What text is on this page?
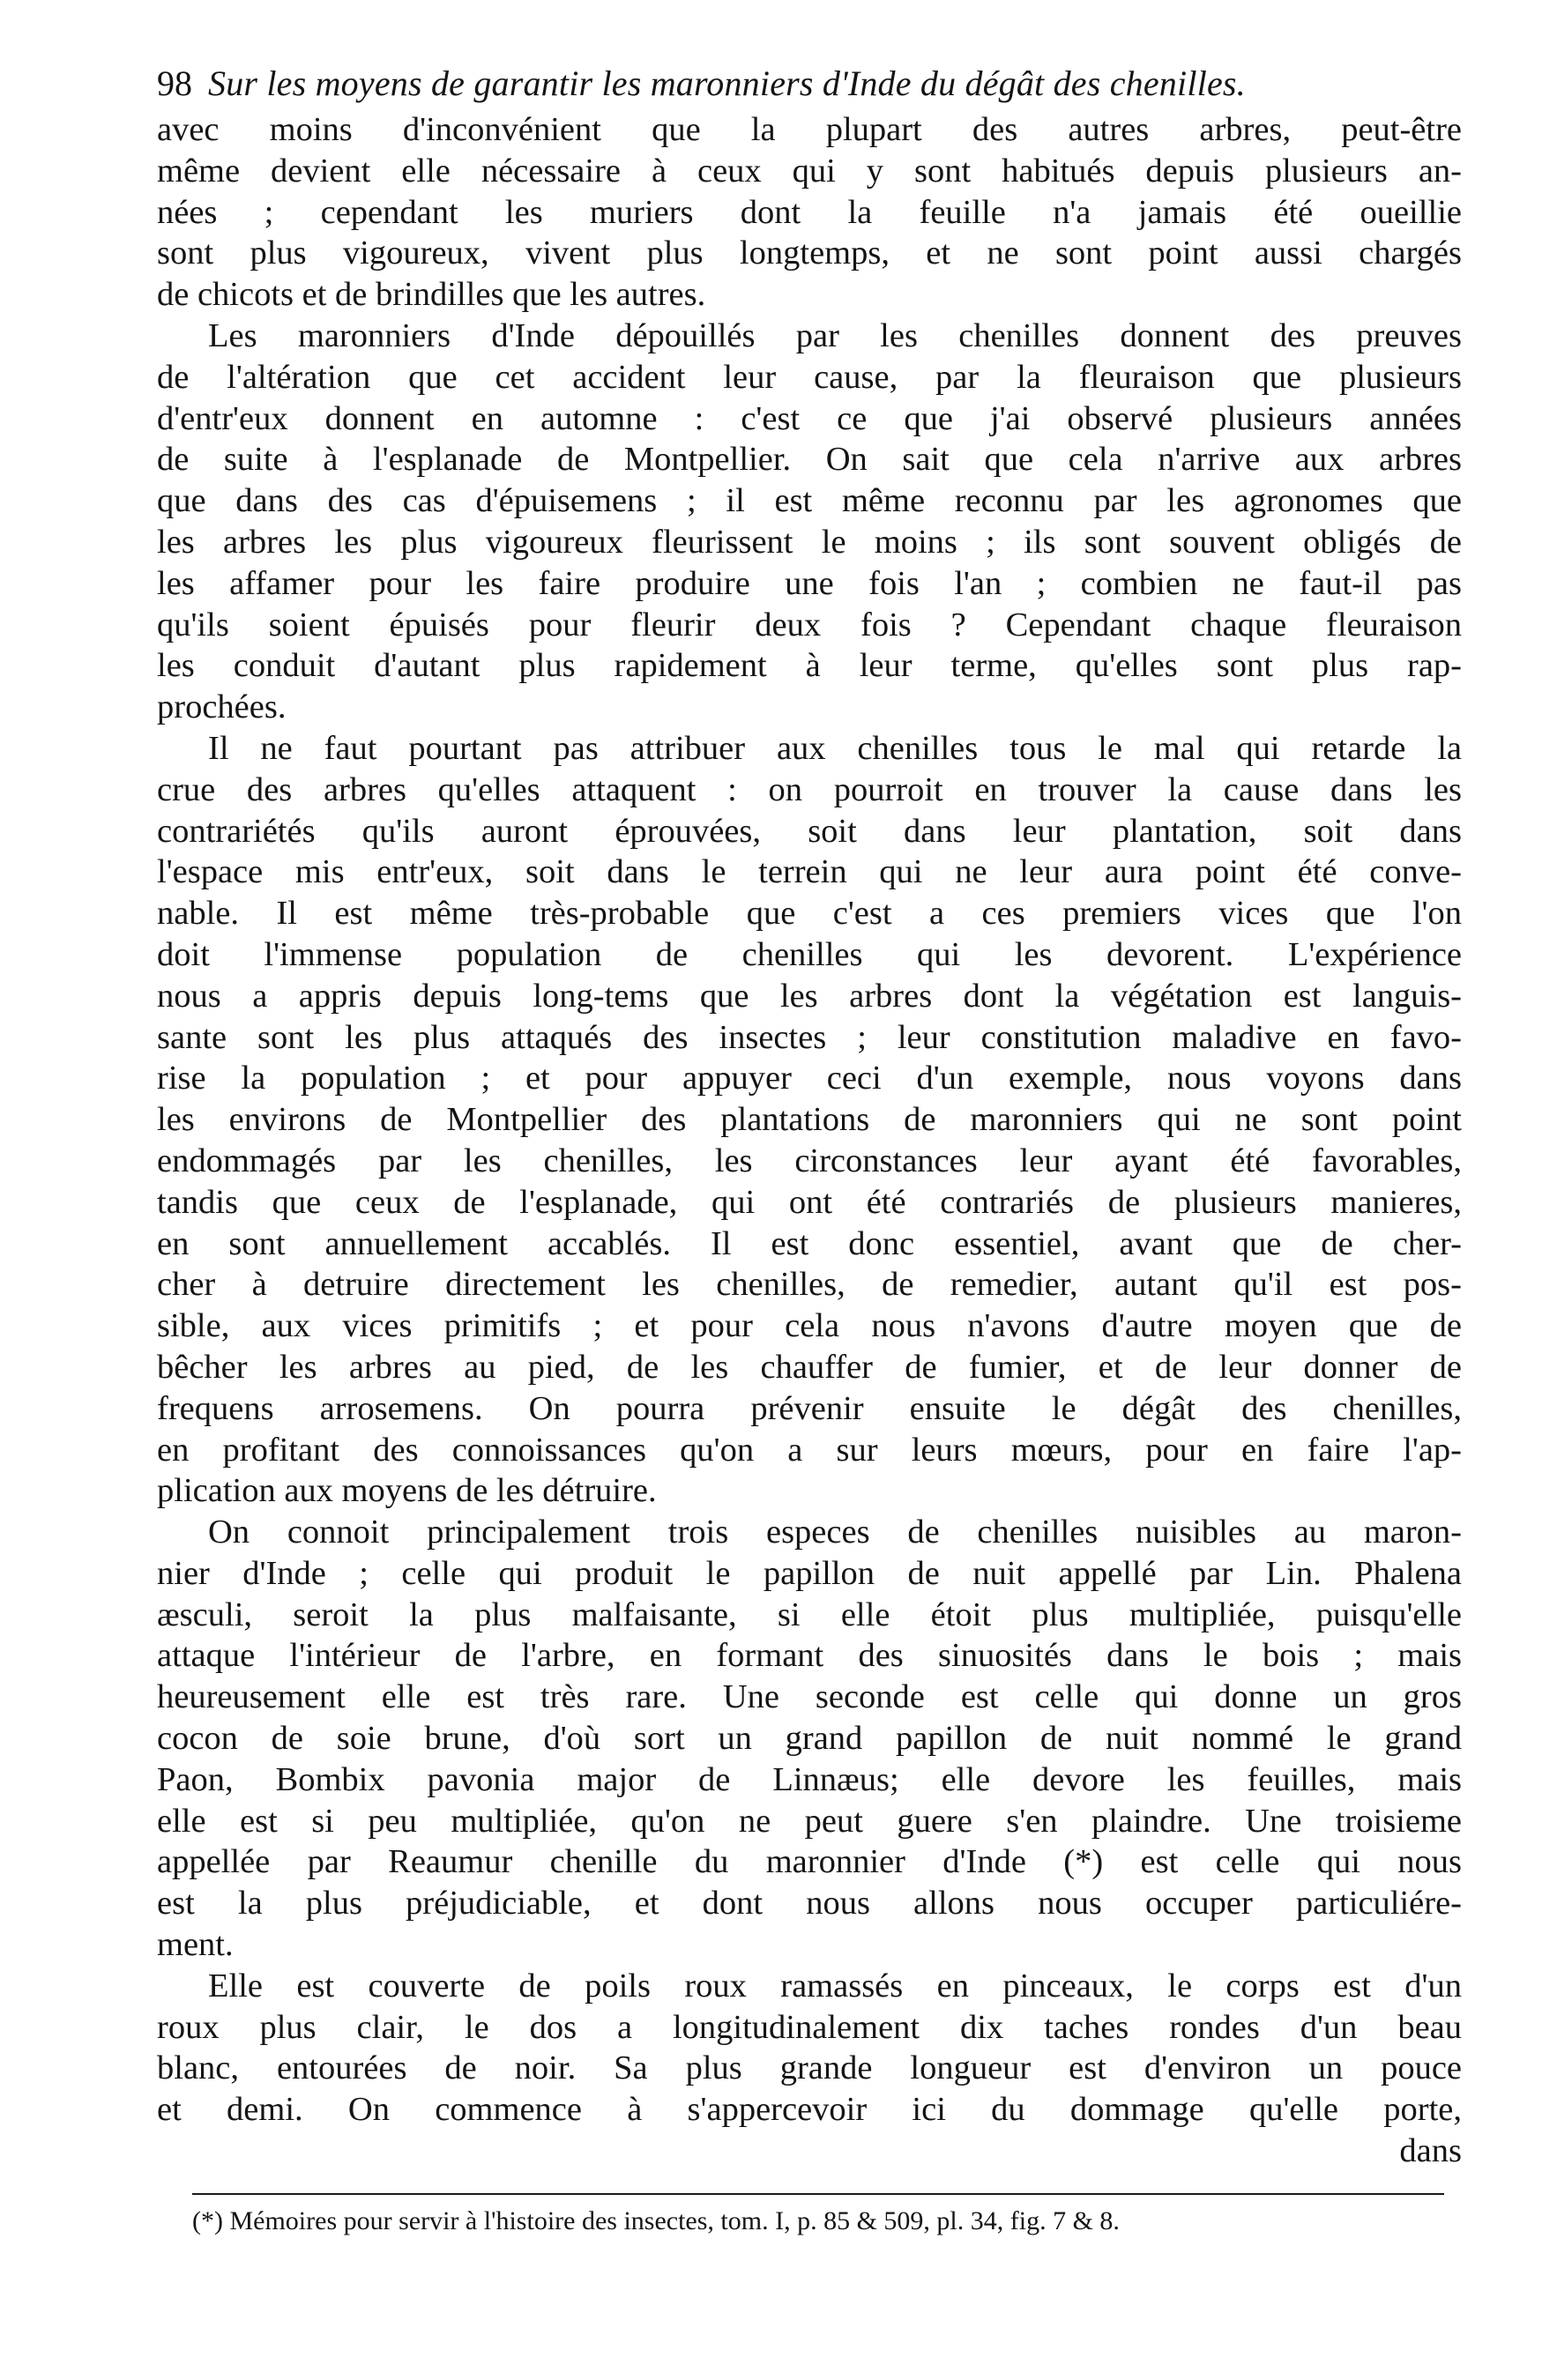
98 Sur les moyens de garantir les maronniers d'Inde du dégât des chenilles.
avec moins d'inconvénient que la plupart des autres arbres, peut-être
même devient elle nécessaire à ceux qui y sont habitués depuis plusieurs an-
nées ; cependant les muriers dont la feuille n'a jamais été oueillie
sont plus vigoureux, vivent plus longtemps, et ne sont point aussi chargés
de chicots et de brindilles que les autres.
Les maronniers d'Inde dépouillés par les chenilles donnent des preuves
de l'altération que cet accident leur cause, par la fleuraison que plusieurs
d'entr'eux donnent en automne : c'est ce que j'ai observé plusieurs années
de suite à l'esplanade de Montpellier. On sait que cela n'arrive aux arbres
que dans des cas d'épuisemens ; il est même reconnu par les agronomes que
les arbres les plus vigoureux fleurissent le moins ; ils sont souvent obligés de
les affamer pour les faire produire une fois l'an ; combien ne faut-il pas
qu'ils soient épuisés pour fleurir deux fois ? Cependant chaque fleuraison
les conduit d'autant plus rapidement à leur terme, qu'elles sont plus rap-
prochées.
Il ne faut pourtant pas attribuer aux chenilles tous le mal qui retarde la
crue des arbres qu'elles attaquent : on pourroit en trouver la cause dans les
contrariétés qu'ils auront éprouvées, soit dans leur plantation, soit dans
l'espace mis entr'eux, soit dans le terrein qui ne leur aura point été conve-
nable. Il est même très-probable que c'est a ces premiers vices que l'on
doit l'immense population de chenilles qui les devorent. L'expérience
nous a appris depuis long-tems que les arbres dont la végétation est languis-
sante sont les plus attaqués des insectes ; leur constitution maladive en favo-
rise la population ; et pour appuyer ceci d'un exemple, nous voyons dans
les environs de Montpellier des plantations de maronniers qui ne sont point
endommagés par les chenilles, les circonstances leur ayant été favorables,
tandis que ceux de l'esplanade, qui ont été contrariés de plusieurs manieres,
en sont annuellement accablés. Il est donc essentiel, avant que de cher-
cher à detruire directement les chenilles, de remedier, autant qu'il est pos-
sible, aux vices primitifs ; et pour cela nous n'avons d'autre moyen que de
bêcher les arbres au pied, de les chauffer de fumier, et de leur donner de
frequens arrosemens. On pourra prévenir ensuite le dégât des chenilles,
en profitant des connoissances qu'on a sur leurs mœurs, pour en faire l'ap-
plication aux moyens de les détruire.
On connoit principalement trois especes de chenilles nuisibles au maron-
nier d'Inde ; celle qui produit le papillon de nuit appellé par Lin. Phalena
æsculi, seroit la plus malfaisante, si elle étoit plus multipliée, puisqu'elle
attaque l'intérieur de l'arbre, en formant des sinuosités dans le bois ; mais
heureusement elle est très rare. Une seconde est celle qui donne un gros
cocon de soie brune, d'où sort un grand papillon de nuit nommé le grand
Paon, Bombix pavonia major de Linnæus; elle devore les feuilles, mais
elle est si peu multipliée, qu'on ne peut guere s'en plaindre. Une troisieme
appellée par Reaumur chenille du maronnier d'Inde (*) est celle qui nous
est la plus préjudiciable, et dont nous allons nous occuper particuliére-
ment.
Elle est couverte de poils roux ramassés en pinceaux, le corps est d'un
roux plus clair, le dos a longitudinalement dix taches rondes d'un beau
blanc, entourées de noir. Sa plus grande longueur est d'environ un pouce
et demi. On commence à s'appercevoir ici du dommage qu'elle porte,
dans
(*) Mémoires pour servir à l'histoire des insectes, tom. I, p. 85 & 509, pl. 34, fig. 7 & 8.
